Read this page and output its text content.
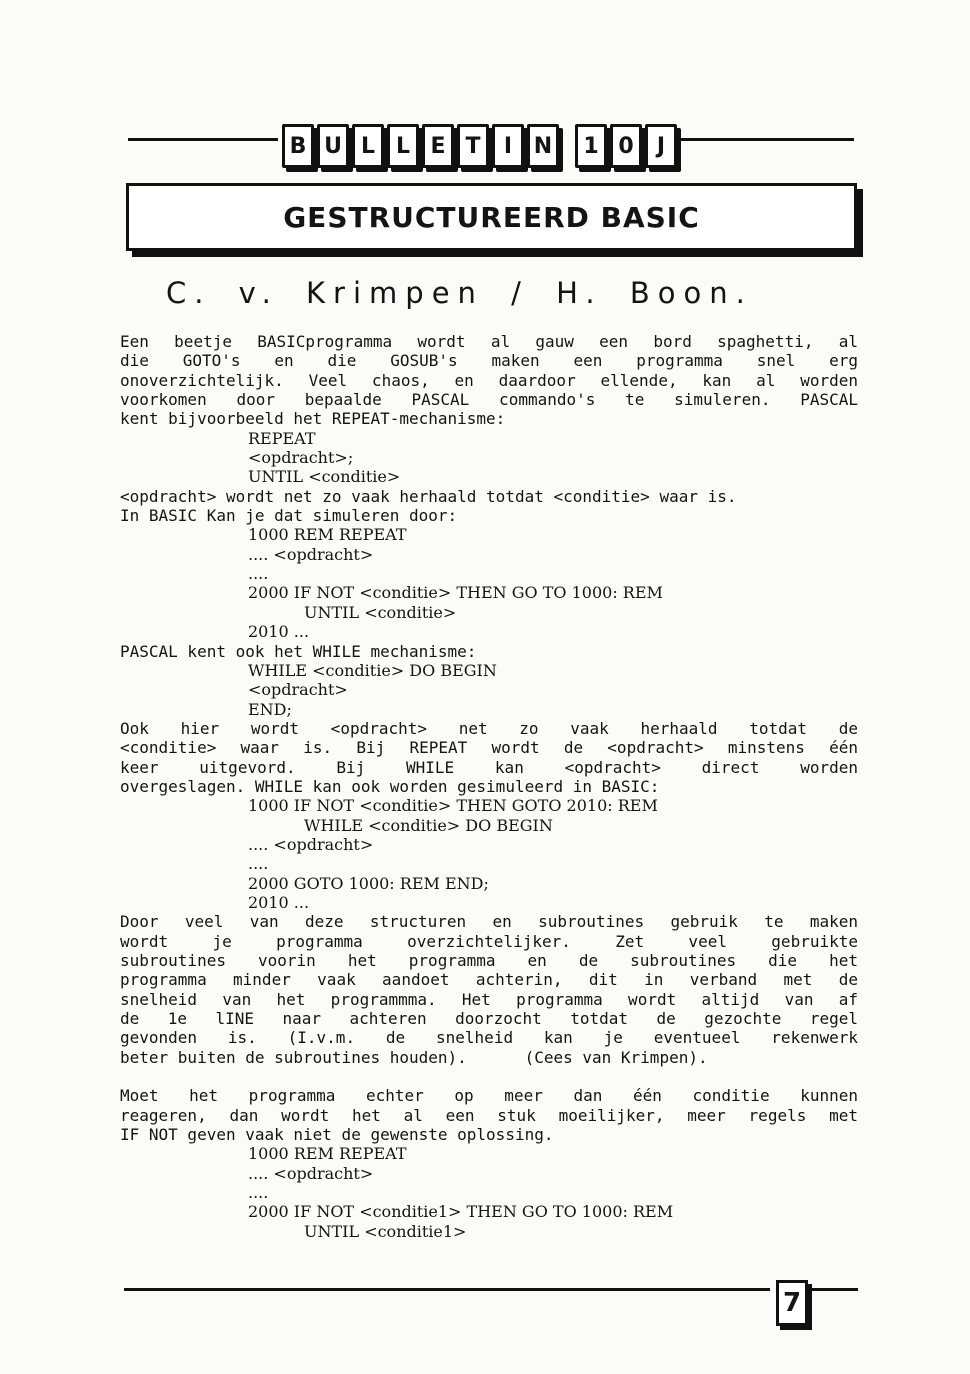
B U L L E T	I N	1 0	J
GESTRUCTUREERD BASIC
C. v. Krimpen / H. Boon.
Een beetje BASICprogramma wordt al gauw een bord spaghetti, al
die GOTO's en die GOSUB's maken een programma snel erg
onoverzichtelijk. Veel chaos, en daardoor ellende, kan al worden
voorkomen door bepaalde PASCAL commando's te simuleren. PASCAL
kent bijvoorbeeld het REPEAT-mechanisme:
REPEAT
<opdracht>;
UNTIL <conditie>
<opdracht> wordt net zo vaak herhaald totdat <conditie> waar is.
In BASIC Kan je dat simuleren door:
1000 REM REPEAT
.... <opdracht>
....
2000 IF NOT <conditie> THEN GO TO 1000: REM
UNTIL <conditie>
2010 ...
PASCAL kent ook het WHILE mechanisme:
WHILE <conditie> DO BEGIN
<opdracht>
END;
Ook hier wordt <opdracht> net zo vaak herhaald totdat de
<conditie> waar is. Bij REPEAT wordt de <opdracht> minstens één
keer uitgevord. Bij WHILE kan <opdracht> direct worden
overgeslagen. WHILE kan ook worden gesimuleerd in BASIC:
1000 IF NOT <conditie> THEN GOTO 2010: REM
WHILE <conditie> DO BEGIN
.... <opdracht>
....
2000 GOTO 1000: REM END;
2010 ...
Door veel van deze structuren en subroutines gebruik te maken
wordt je programma overzichtelijker. Zet veel gebruikte
subroutines voorin het programma en de subroutines die het
programma minder vaak aandoet achterin, dit in verband met de
snelheid van het programmma. Het programma wordt altijd van af
de 1e lINE naar achteren doorzocht totdat de gezochte regel
gevonden is. (I.v.m. de snelheid kan je eventueel rekenwerk
beter buiten de subroutines houden).      (Cees van Krimpen).
Moet het programma echter op meer dan één conditie kunnen
reageren, dan wordt het al een stuk moeilijker, meer regels met
IF NOT geven vaak niet de gewenste oplossing.
1000 REM REPEAT
.... <opdracht>
....
2000 IF NOT <conditie1> THEN GO TO 1000: REM
UNTIL <conditie1>
7
